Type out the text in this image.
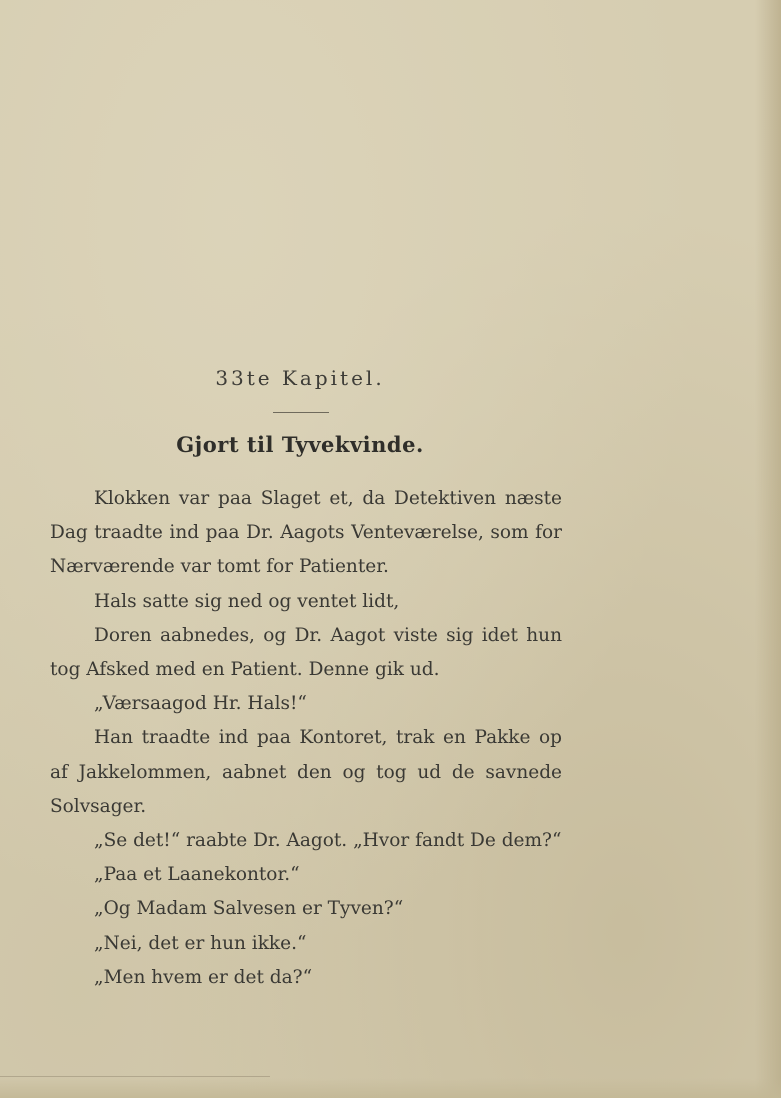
33te Kapitel.
Gjort til Tyvekvinde.

Klokken var paa Slaget et, da Detektiven næste Dag traadte ind paa Dr. Aagots Venteværelse, som for Nærværende var tomt for Patienter.

Hals satte sig ned og ventet lidt,

Doren aabnedes, og Dr. Aagot viste sig idet hun tog Afsked med en Patient. Denne gik ud.

„Værsaagod Hr. Hals!“

Han traadte ind paa Kontoret, trak en Pakke op af Jakkelommen, aabnet den og tog ud de savnede Solvsager.

„Se det!“ raabte Dr. Aagot. „Hvor fandt De dem?“

„Paa et Laanekontor.“

„Og Madam Salvesen er Tyven?“

„Nei, det er hun ikke.“

„Men hvem er det da?“
